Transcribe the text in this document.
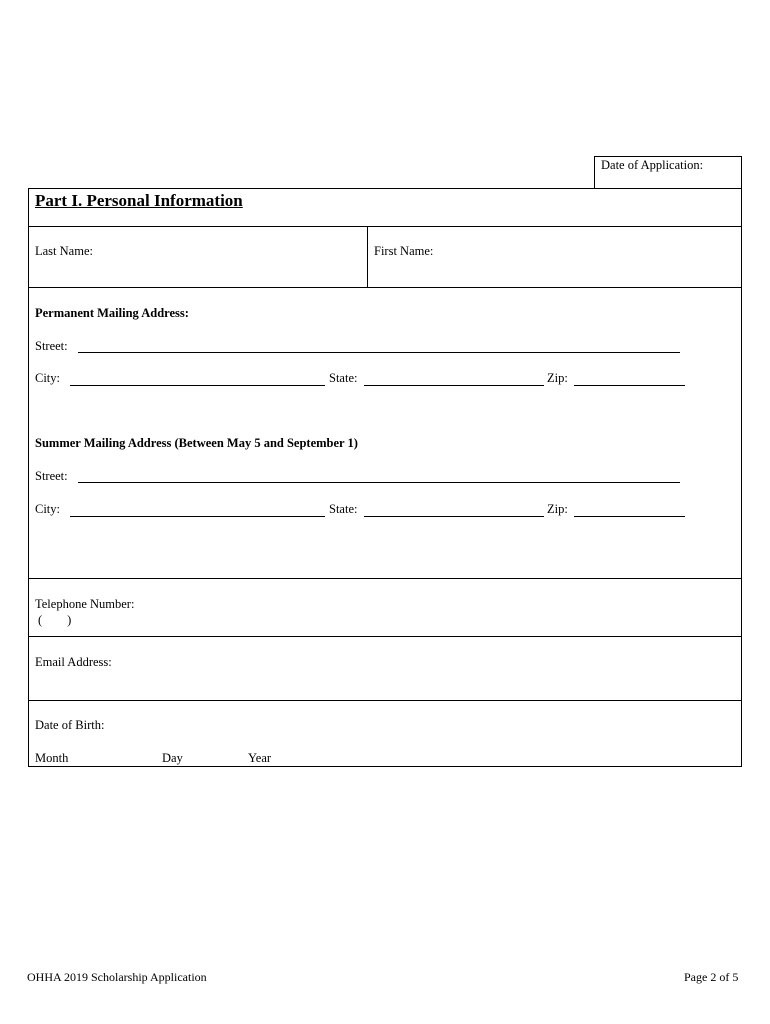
Date of Application:
Part I. Personal Information
Last Name:	First Name:
Permanent Mailing Address:
Street:
City:	State:	Zip:
Summer Mailing Address (Between May 5 and September 1)
Street:
City:	State:	Zip:
Telephone Number:
(        )
Email Address:
Date of Birth:
Month	Day	Year
OHHA 2019 Scholarship Application	Page 2 of 5
